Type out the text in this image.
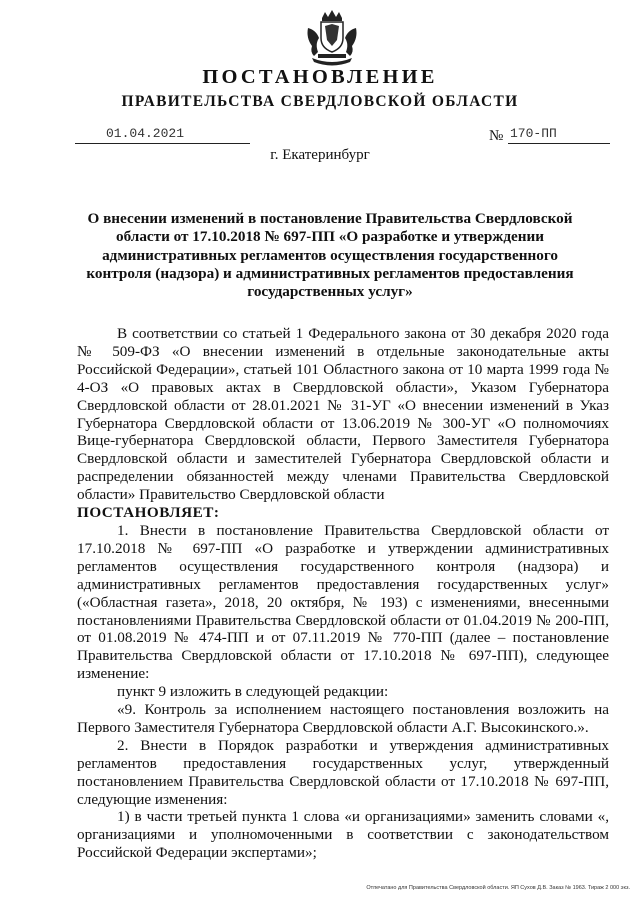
ПОСТАНОВЛЕНИЕ
ПРАВИТЕЛЬСТВА СВЕРДЛОВСКОЙ ОБЛАСТИ
01.04.2021	№ 170-ПП
г. Екатеринбург
О внесении изменений в постановление Правительства Свердловской области от 17.10.2018 № 697-ПП «О разработке и утверждении административных регламентов осуществления государственного контроля (надзора) и административных регламентов предоставления государственных услуг»

В соответствии со статьей 1 Федерального закона от 30 декабря 2020 года № 509-ФЗ «О внесении изменений в отдельные законодательные акты Российской Федерации», статьей 101 Областного закона от 10 марта 1999 года № 4-ОЗ «О правовых актах в Свердловской области», Указом Губернатора Свердловской области от 28.01.2021 № 31-УГ «О внесении изменений в Указ Губернатора Свердловской области от 13.06.2019 № 300-УГ «О полномочиях Вице-губернатора Свердловской области, Первого Заместителя Губернатора Свердловской области и заместителей Губернатора Свердловской области и распределении обязанностей между членами Правительства Свердловской области» Правительство Свердловской области

ПОСТАНОВЛЯЕТ:

1. Внести в постановление Правительства Свердловской области от 17.10.2018 № 697-ПП «О разработке и утверждении административных регламентов осуществления государственного контроля (надзора) и административных регламентов предоставления государственных услуг» («Областная газета», 2018, 20 октября, № 193) с изменениями, внесенными постановлениями Правительства Свердловской области от 01.04.2019 № 200-ПП, от 01.08.2019 № 474-ПП и от 07.11.2019 № 770-ПП (далее – постановление Правительства Свердловской области от 17.10.2018 № 697-ПП), следующее изменение:

пункт 9 изложить в следующей редакции:

«9. Контроль за исполнением настоящего постановления возложить на Первого Заместителя Губернатора Свердловской области А.Г. Высокинского.».

2. Внести в Порядок разработки и утверждения административных регламентов предоставления государственных услуг, утвержденный постановлением Правительства Свердловской области от 17.10.2018 № 697-ПП, следующие изменения:

1) в части третьей пункта 1 слова «и организациями» заменить словами «, организациями и уполномоченными в соответствии с законодательством Российской Федерации экспертами»;

Отпечатано для Правительства Свердловской области. ЯП Сухов Д.В. Заказ № 1963. Тираж 2 000 экз.
